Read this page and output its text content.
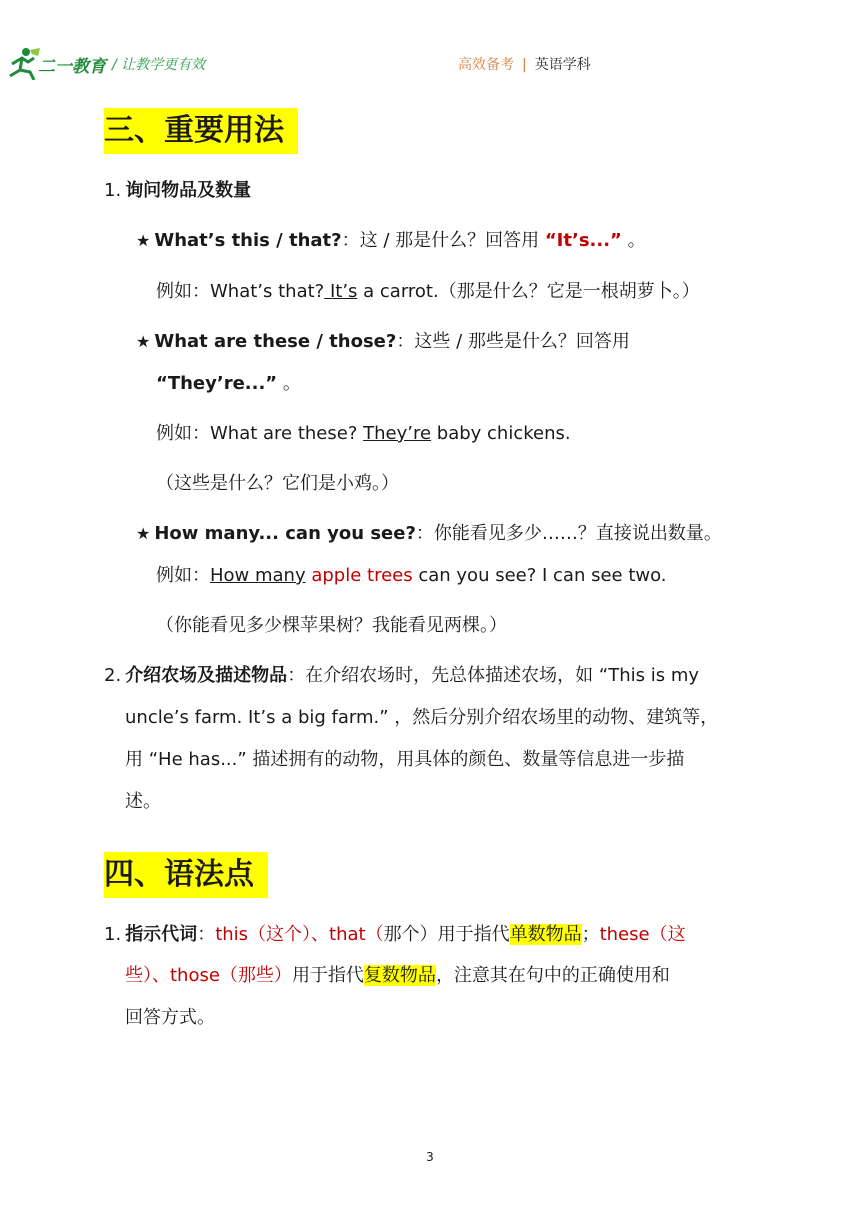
二一教育 / 让教学更有效	高效备考 | 英语学科
三、重要用法
1. 询问物品及数量
★ What’s this / that?：这 / 那是什么？回答用 “It’s...” 。
例如：What’s that? It’s a carrot.（那是什么？它是一根胡萝卜。）
★ What are these / those?：这些 / 那些是什么？回答用
“They’re...” 。
例如：What are these? They’re baby chickens.
（这些是什么？它们是小鸡。）
★ How many... can you see?：你能看见多少……？直接说出数量。
例如：How many apple trees can you see? I can see two.
（你能看见多少棵苹果树？我能看见两棵。）
2. 介绍农场及描述物品：在介绍农场时，先总体描述农场，如 “This is my
uncle’s farm. It’s a big farm.” ，然后分别介绍农场里的动物、建筑等，
用 “He has...” 描述拥有的动物，用具体的颜色、数量等信息进一步描
述。
四、语法点
1. 指示代词：this（这个）、that（那个）用于指代单数物品；these（这
些）、those（那些）用于指代复数物品，注意其在句中的正确使用和
回答方式。
3
